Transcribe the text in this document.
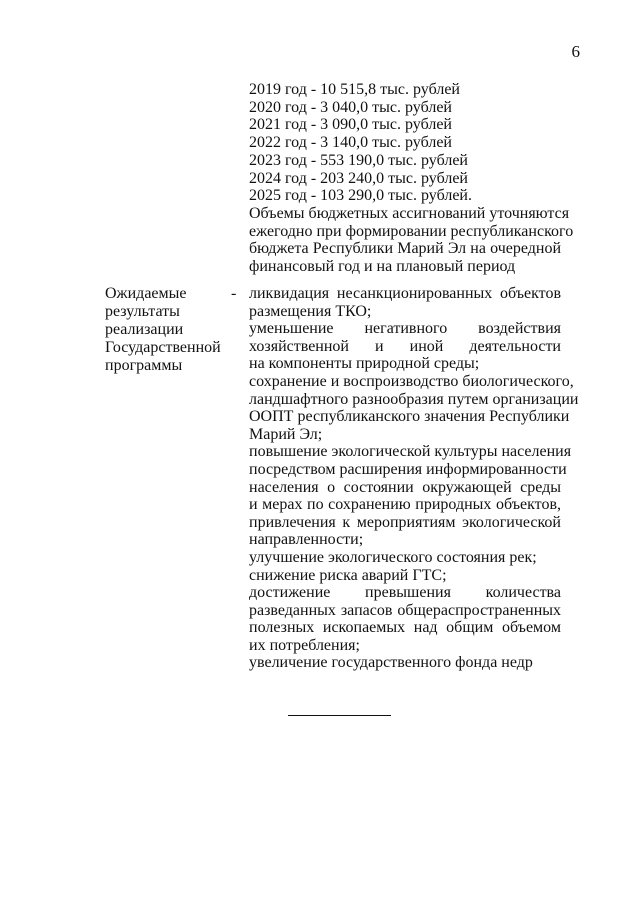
6
2019 год - 10 515,8 тыс. рублей
2020 год - 3 040,0 тыс. рублей
2021 год - 3 090,0 тыс. рублей
2022 год - 3 140,0 тыс. рублей
2023 год - 553 190,0 тыс. рублей
2024 год - 203 240,0 тыс. рублей
2025 год - 103 290,0 тыс. рублей.
Объемы бюджетных ассигнований уточняются
ежегодно при формировании республиканского
бюджета Республики Марий Эл на очередной
финансовый год и на плановый период
Ожидаемые
результаты
реализации
Государственной
программы
- ликвидация несанкционированных объектов
размещения ТКО;
уменьшение негативного воздействия
хозяйственной и иной деятельности
на компоненты природной среды;
сохранение и воспроизводство биологического,
ландшафтного разнообразия путем организации
ООПТ республиканского значения Республики
Марий Эл;
повышение экологической культуры населения
посредством расширения информированности
населения о состоянии окружающей среды
и мерах по сохранению природных объектов,
привлечения к мероприятиям экологической
направленности;
улучшение экологического состояния рек;
снижение риска аварий ГТС;
достижение превышения количества
разведанных запасов общераспространенных
полезных ископаемых над общим объемом
их потребления;
увеличение государственного фонда недр
